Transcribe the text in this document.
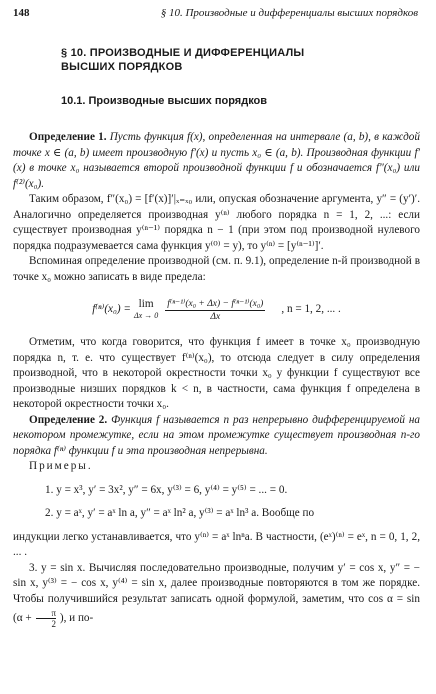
148	§ 10. Производные и дифференциалы высших порядков
§ 10. ПРОИЗВОДНЫЕ И ДИФФЕРЕНЦИАЛЫ
ВЫСШИХ ПОРЯДКОВ
10.1. Производные высших порядков

Определение 1. Пусть функция f(x), определенная на интервале (a, b), в каждой точке x ∈ (a, b) имеет производную f′(x) и пусть x₀ ∈ (a, b). Производная функции f′(x) в точке x₀ называется второй производной функции f и обозначается f″(x₀) или f⁽²⁾(x₀).

Таким образом, f″(x₀) = [f′(x)]′|ₓ₌ₓ₀ или, опуская обозначение аргумента, y″ = (y′)′. Аналогично определяется производная y⁽ⁿ⁾ любого порядка n = 1, 2, ...: если существует производная y⁽ⁿ⁻¹⁾ порядка n − 1 (при этом под производной нулевого порядка подразумевается сама функция y⁽⁰⁾ = y), то y⁽ⁿ⁾ = [y⁽ⁿ⁻¹⁾]′.

Вспоминая определение производной (см. п. 9.1), определение n-й производной в точке x₀ можно записать в виде предела:

f⁽ⁿ⁾(x₀) = lim
$\Delta x \to 0 \frac{\text{f⁽ⁿ⁻¹⁾(x₀ + Δx) − f⁽ⁿ⁻¹⁾(x₀)}}{\Delta x}$ , n = 1, 2, ... .

Отметим, что когда говорится, что функция f имеет в точке x₀ производную порядка n, т. е. что существует f⁽ⁿ⁾(x₀), то отсюда следует в силу определения производной, что в некоторой окрестности точки x₀ у функции f существуют все производные низших порядков k < n, в частности, сама функция f определена в некоторой окрестности точки x₀.

Определение 2. Функция f называется n раз непрерывно дифференцируемой на некотором промежутке, если на этом промежутке существует производная n-го порядка f⁽ⁿ⁾ функции f и эта производная непрерывна.

Примеры.

1. y = x³, y′ = 3x², y″ = 6x, y⁽³⁾ = 6, y⁽⁴⁾ = y⁽⁵⁾ = ... = 0.

2. y = aˣ, y′ = aˣ ln a, y″ = aˣ ln² a, y⁽³⁾ = aˣ ln³ a. Вообще по

индукции легко устанавливается, что y⁽ⁿ⁾ = aˣ lnⁿa. В частности, (eˣ)⁽ⁿ⁾ = eˣ, n = 0, 1, 2, ... .

3. y = sin x. Вычисляя последовательно производные, получим y′ = cos x, y″ = − sin x, y⁽³⁾ = − cos x, y⁽⁴⁾ = sin x, далее производные повторяются в том же порядке. Чтобы получившийся результат записать одной формулой, заметим, что $\cos \alpha = \sin (\alpha + \frac{\pi}{2}$ ), и по-
